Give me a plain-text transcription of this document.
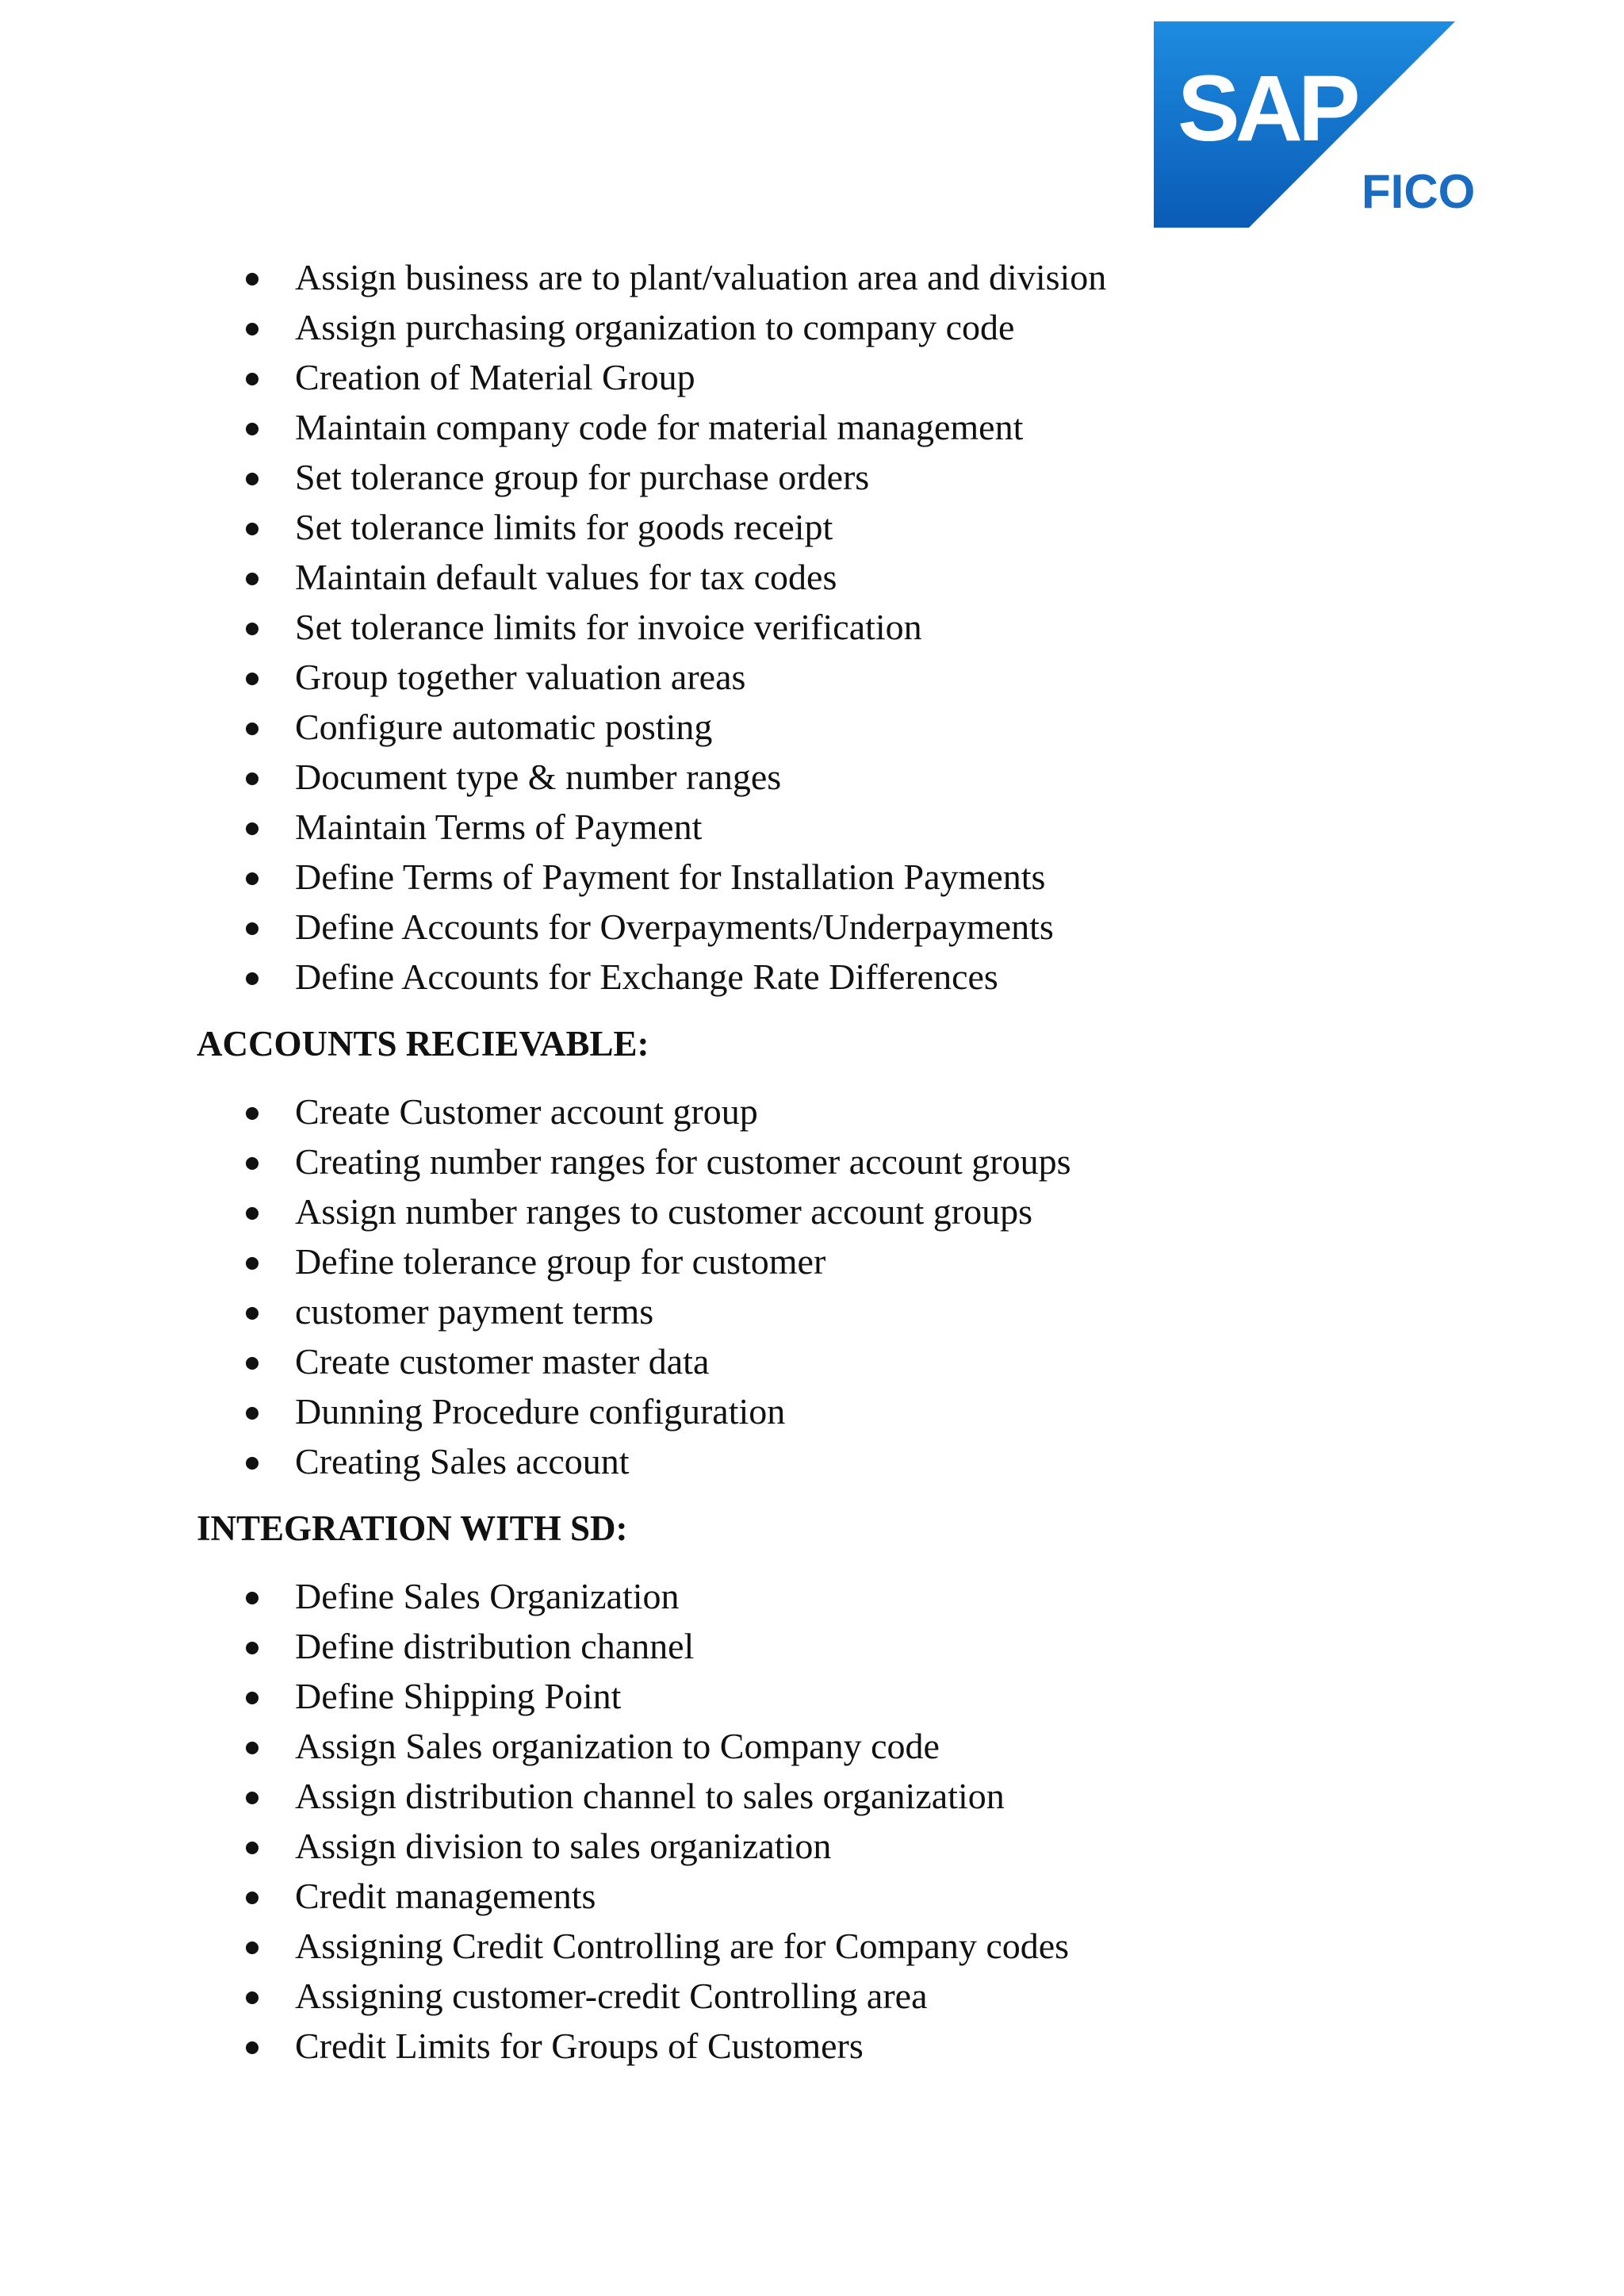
SAP
FICO
Assign business are to plant/valuation area and division
Assign purchasing organization to company code
Creation of Material Group
Maintain company code for material management
Set tolerance group for purchase orders
Set tolerance limits for goods receipt
Maintain default values for tax codes
Set tolerance limits for invoice verification
Group together valuation areas
Configure automatic posting
Document type & number ranges
Maintain Terms of Payment
Define Terms of Payment for Installation Payments
Define Accounts for Overpayments/Underpayments
Define Accounts for Exchange Rate Differences
ACCOUNTS RECIEVABLE:
Create Customer account group
Creating number ranges for customer account groups
Assign number ranges to customer account groups
Define tolerance group for customer
customer payment terms
Create customer master data
Dunning Procedure configuration
Creating Sales account
INTEGRATION WITH SD:
Define Sales Organization
Define distribution channel
Define Shipping Point
Assign Sales organization to Company code
Assign distribution channel to sales organization
Assign division to sales organization
Credit managements
Assigning Credit Controlling are for Company codes
Assigning customer-credit Controlling area
Credit Limits for Groups of Customers
